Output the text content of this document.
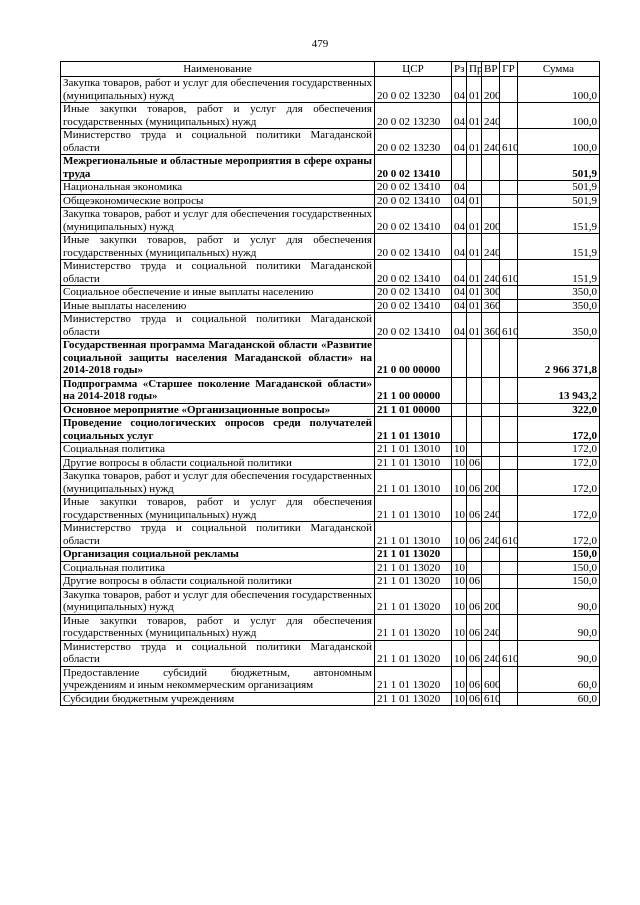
479
Наименование	ЦСР	Рз	Пр	ВР	ГР	Сумма
Закупка товаров, работ и услуг для обеспечения государственных (муниципальных) нужд	20 0 02 13230	04	01	200		100,0
Иные закупки товаров, работ и услуг для обеспечения государственных (муниципальных) нужд	20 0 02 13230	04	01	240		100,0
Министерство труда и социальной политики Магаданской области	20 0 02 13230	04	01	240	610	100,0
Межрегиональные и областные мероприятия в сфере охраны труда	20 0 02 13410					501,9
Национальная экономика	20 0 02 13410	04				501,9
Общеэкономические вопросы	20 0 02 13410	04	01			501,9
Закупка товаров, работ и услуг для обеспечения государственных (муниципальных) нужд	20 0 02 13410	04	01	200		151,9
Иные закупки товаров, работ и услуг для обеспечения государственных (муниципальных) нужд	20 0 02 13410	04	01	240		151,9
Министерство труда и социальной политики Магаданской области	20 0 02 13410	04	01	240	610	151,9
Социальное обеспечение и иные выплаты населению	20 0 02 13410	04	01	300		350,0
Иные выплаты населению	20 0 02 13410	04	01	360		350,0
Министерство труда и социальной политики Магаданской области	20 0 02 13410	04	01	360	610	350,0
Государственная программа Магаданской области «Развитие социальной защиты населения Магаданской области» на 2014-2018 годы»	21 0 00 00000					2 966 371,8
Подпрограмма «Старшее поколение Магаданской области» на 2014-2018 годы»	21 1 00 00000					13 943,2
Основное мероприятие «Организационные вопросы»	21 1 01 00000					322,0
Проведение социологических опросов среди получателей социальных услуг	21 1 01 13010					172,0
Социальная политика	21 1 01 13010	10				172,0
Другие вопросы в области социальной политики	21 1 01 13010	10	06			172,0
Закупка товаров, работ и услуг для обеспечения государственных (муниципальных) нужд	21 1 01 13010	10	06	200		172,0
Иные закупки товаров, работ и услуг для обеспечения государственных (муниципальных) нужд	21 1 01 13010	10	06	240		172,0
Министерство труда и социальной политики Магаданской области	21 1 01 13010	10	06	240	610	172,0
Организация социальной рекламы	21 1 01 13020					150,0
Социальная политика	21 1 01 13020	10				150,0
Другие вопросы в области социальной политики	21 1 01 13020	10	06			150,0
Закупка товаров, работ и услуг для обеспечения государственных (муниципальных) нужд	21 1 01 13020	10	06	200		90,0
Иные закупки товаров, работ и услуг для обеспечения государственных (муниципальных) нужд	21 1 01 13020	10	06	240		90,0
Министерство труда и социальной политики Магаданской области	21 1 01 13020	10	06	240	610	90,0
Предоставление субсидий бюджетным, автономным учреждениям и иным некоммерческим организациям	21 1 01 13020	10	06	600		60,0
Субсидии бюджетным учреждениям	21 1 01 13020	10	06	610		60,0
